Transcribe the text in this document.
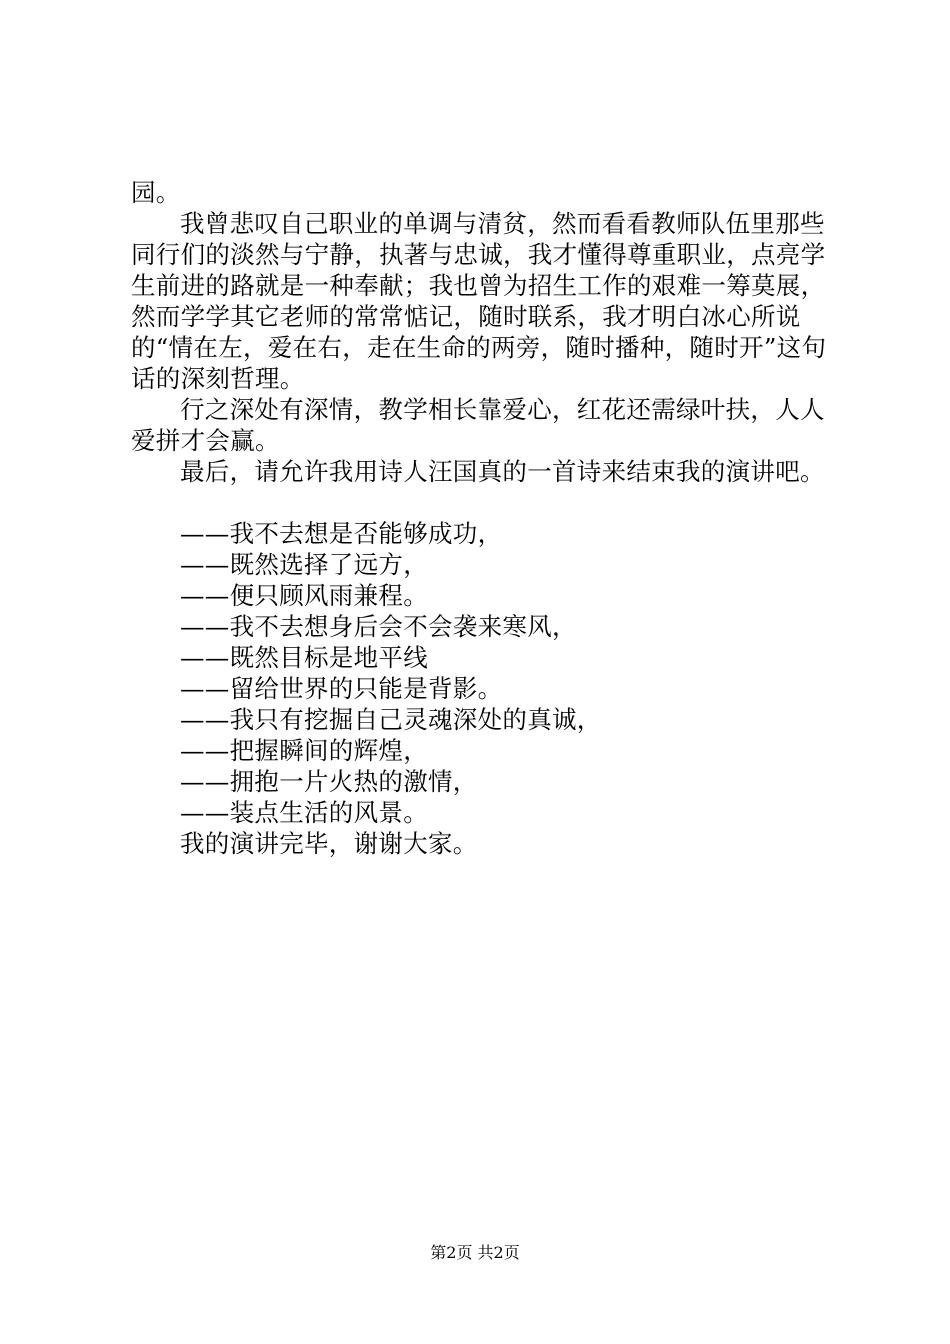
园。

我曾悲叹自己职业的单调与清贫，然而看看教师队伍里那些同行们的淡然与宁静，执著与忠诚，我才懂得尊重职业，点亮学生前进的路就是一种奉献；我也曾为招生工作的艰难一筹莫展，然而学学其它老师的常常惦记，随时联系，我才明白冰心所说的“情在左，爱在右，走在生命的两旁，随时播种，随时开”这句话的深刻哲理。

行之深处有深情，教学相长靠爱心，红花还需绿叶扶，人人爱拼才会赢。

最后，请允许我用诗人汪国真的一首诗来结束我的演讲吧。

——我不去想是否能够成功，

——既然选择了远方，

——便只顾风雨兼程。

——我不去想身后会不会袭来寒风，

——既然目标是地平线

——留给世界的只能是背影。

——我只有挖掘自己灵魂深处的真诚，

——把握瞬间的辉煌，

——拥抱一片火热的激情，

——装点生活的风景。

我的演讲完毕，谢谢大家。

第2页 共2页
